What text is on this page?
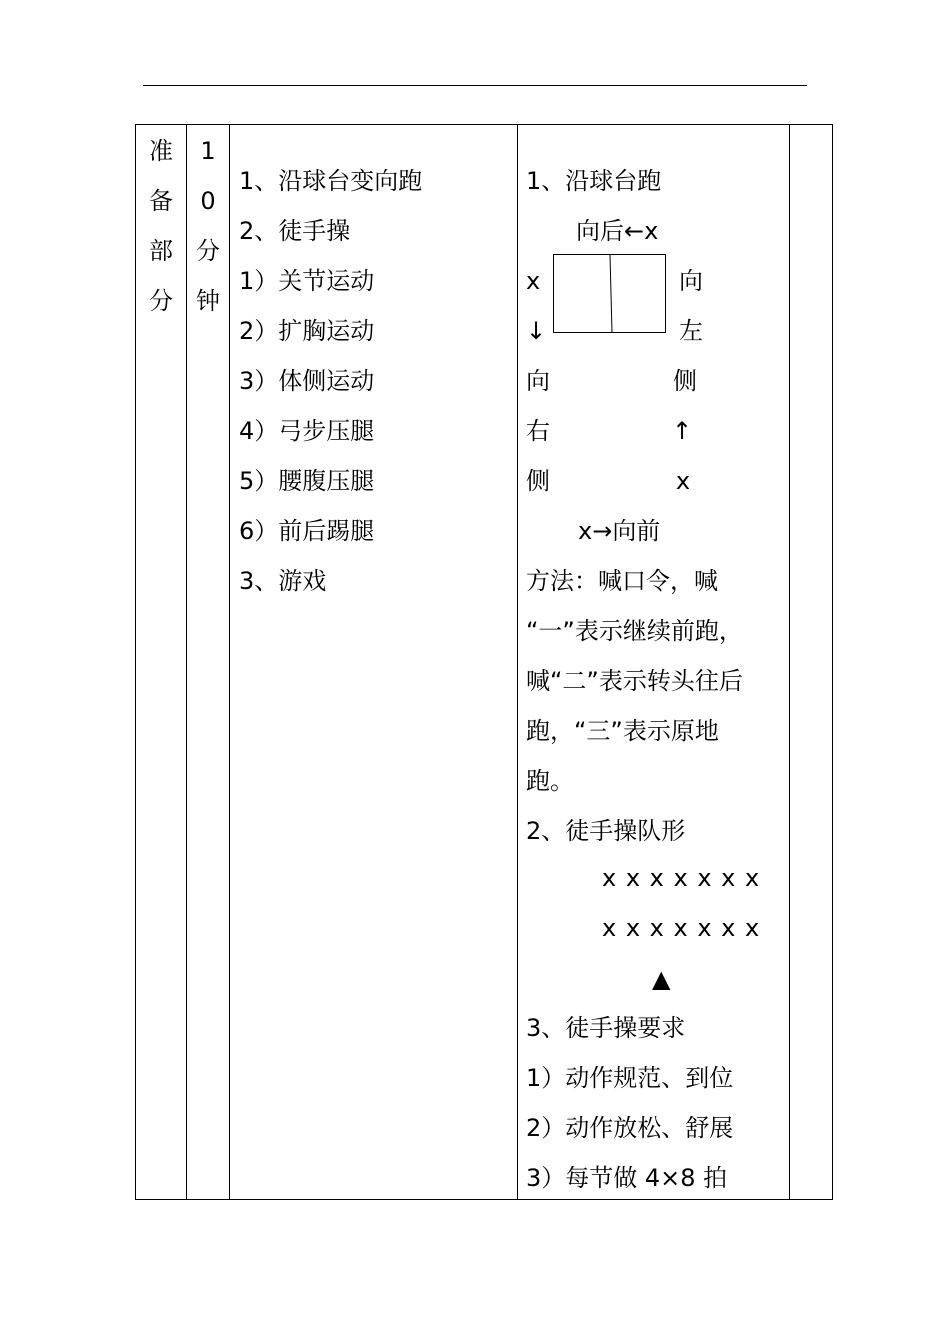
准
备
部
分
1
0
分
钟
1、沿球台变向跑
2、徒手操
1）关节运动
2）扩胸运动
3）体侧运动
4）弓步压腿
5）腰腹压腿
6）前后踢腿
3、游戏
1、沿球台跑
向后←x
x
↓
向
右
侧
向
左
侧
↑
x
x→向前
方法：喊口令，喊
“一”表示继续前跑，
喊“二”表示转头往后
跑，“三”表示原地
跑。
2、徒手操队形
x x x x x x x
x x x x x x x
▲
3、徒手操要求
1）动作规范、到位
2）动作放松、舒展
3）每节做 4×8 拍
